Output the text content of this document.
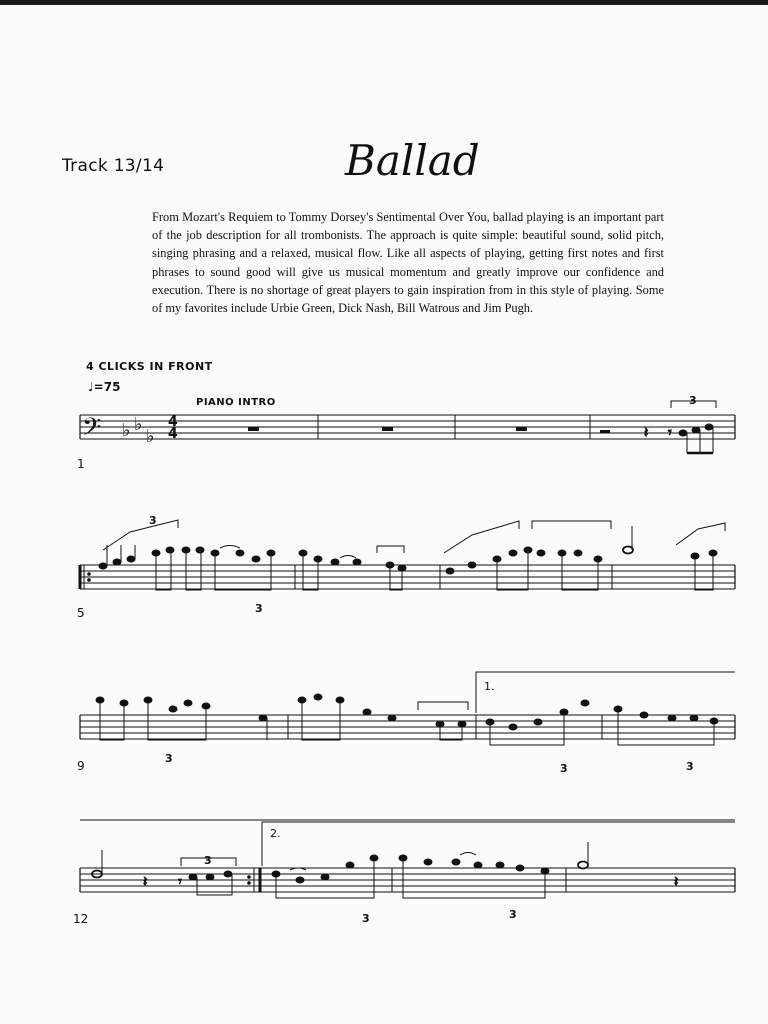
Track 13/14	Ballad
From Mozart's Requiem to Tommy Dorsey's Sentimental Over You, ballad playing is an important part of the job description for all trombonists. The approach is quite simple: beautiful sound, solid pitch, singing phrasing and a relaxed, musical flow. Like all aspects of playing, getting first notes and first phrases to sound good will give us musical momentum and greatly improve our confidence and execution. There is no shortage of great players to gain inspiration from in this style of playing. Some of my favorites include Urbie Green, Dick Nash, Bill Watrous and Jim Pugh.
4 CLICKS IN FRONT
♩=75
PIANO INTRO
1
5
9
12
𝄢 ♭ ♭
♭
4
4	𝄽 𝄾
3
3
3
1.
3
3	3
2.
𝄽 𝄾	𝄽
3	3
3
